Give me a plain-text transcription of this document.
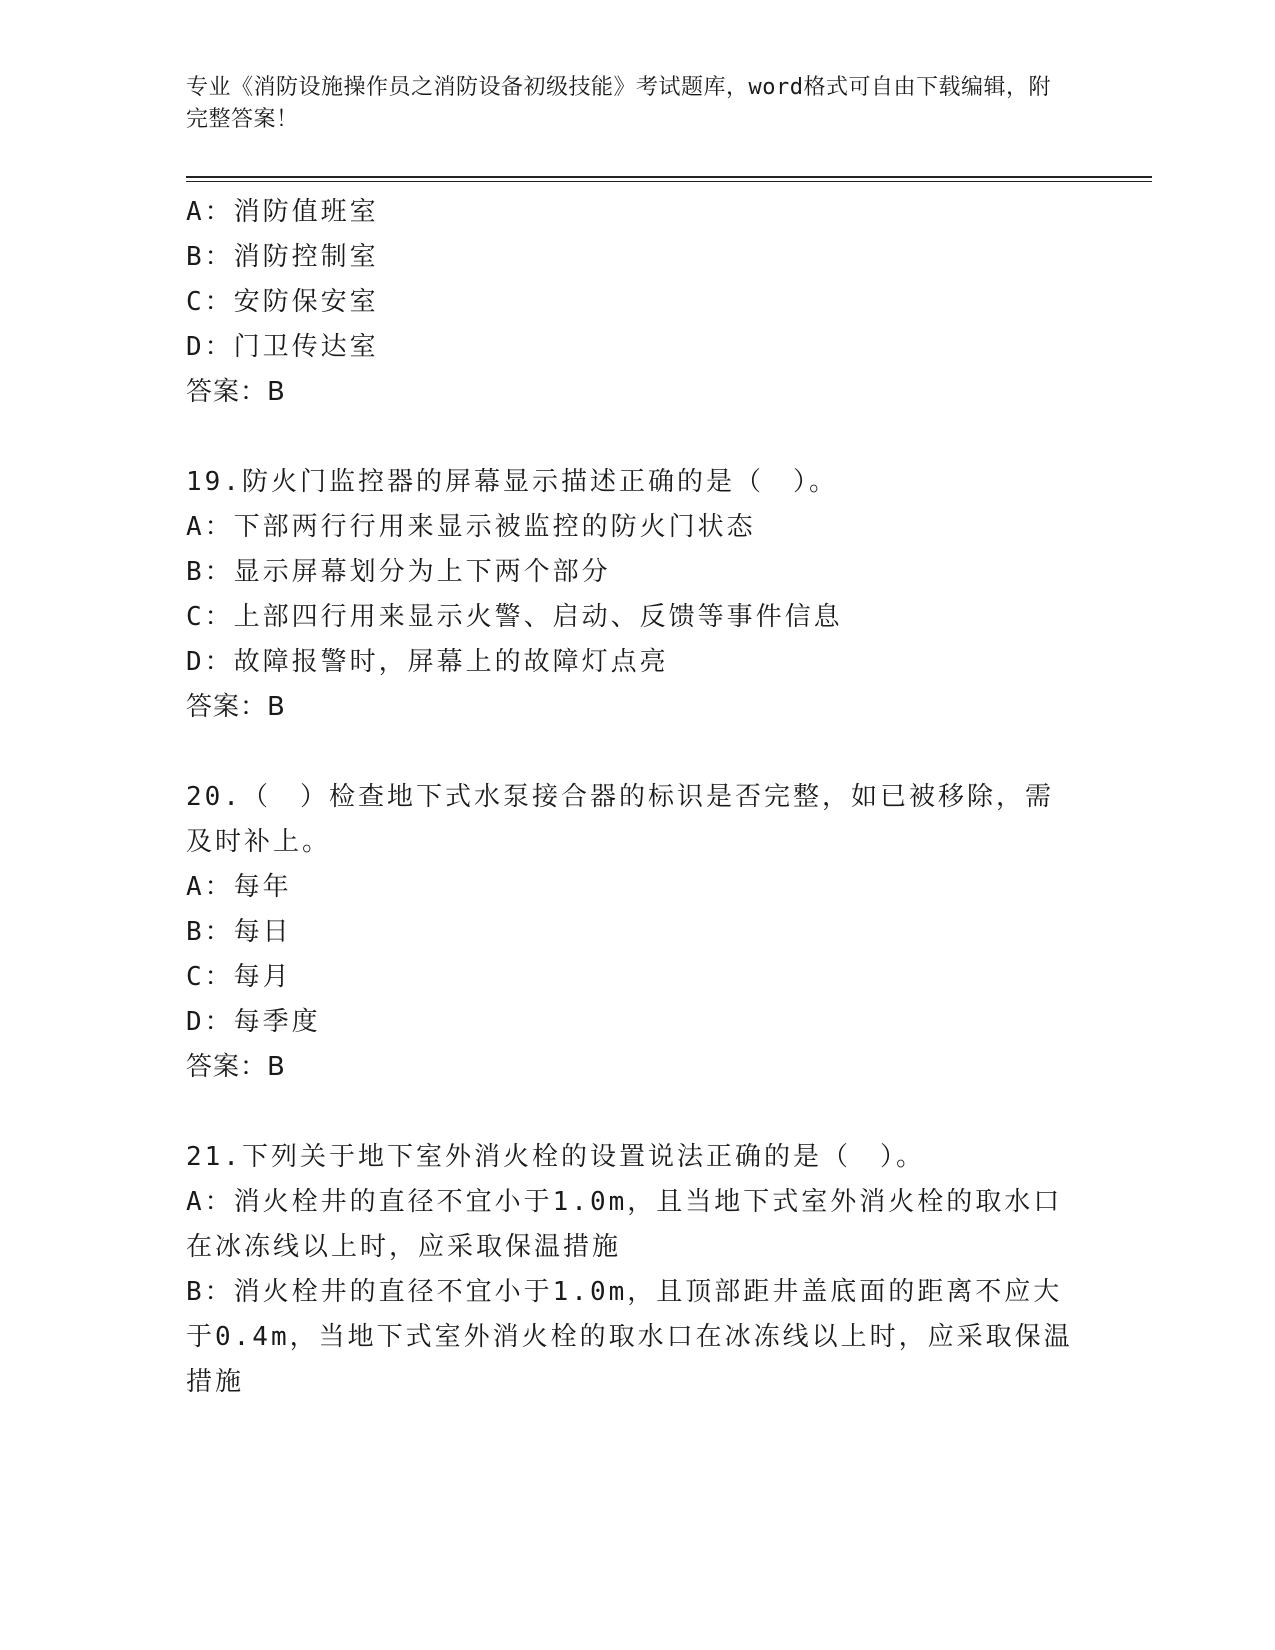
专业《消防设施操作员之消防设备初级技能》考试题库，word格式可自由下载编辑，附完整答案！

A：消防值班室

B：消防控制室

C：安防保安室

D：门卫传达室

答案：B

19.防火门监控器的屏幕显示描述正确的是（　）。

A：下部两行行用来显示被监控的防火门状态

B：显示屏幕划分为上下两个部分

C：上部四行用来显示火警、启动、反馈等事件信息

D：故障报警时，屏幕上的故障灯点亮

答案：B

20.（　）检查地下式水泵接合器的标识是否完整，如已被移除，需及时补上。

A：每年

B：每日

C：每月

D：每季度

答案：B

21.下列关于地下室外消火栓的设置说法正确的是（　）。

A：消火栓井的直径不宜小于1.0m，且当地下式室外消火栓的取水口在冰冻线以上时，应采取保温措施

B：消火栓井的直径不宜小于1.0m，且顶部距井盖底面的距离不应大于0.4m，当地下式室外消火栓的取水口在冰冻线以上时，应采取保温措施
